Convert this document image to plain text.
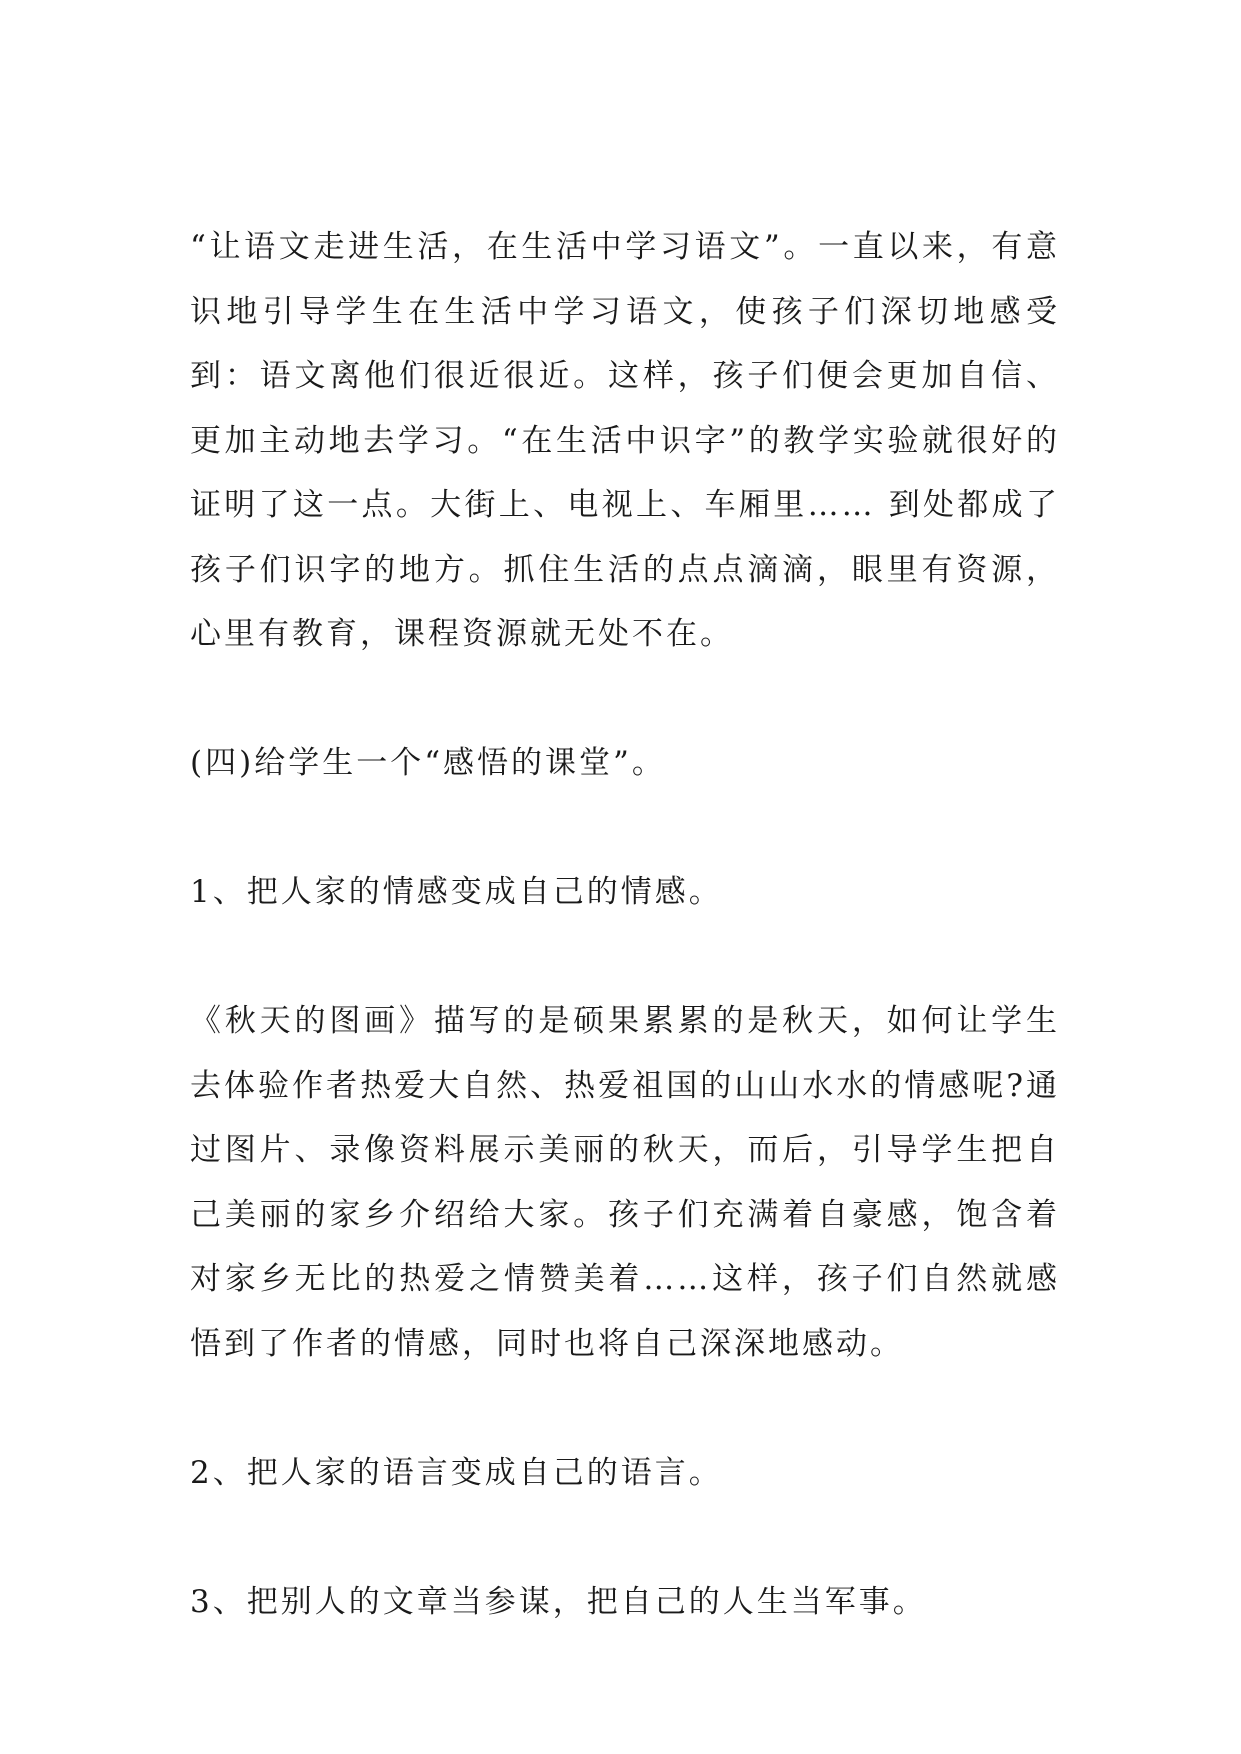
“让语文走进生活，在生活中学习语文”。一直以来，有意识地引导学生在生活中学习语文，使孩子们深切地感受到：语文离他们很近很近。这样，孩子们便会更加自信、更加主动地去学习。“在生活中识字”的教学实验就很好的证明了这一点。大街上、电视上、车厢里…… 到处都成了孩子们识字的地方。抓住生活的点点滴滴，眼里有资源，心里有教育，课程资源就无处不在。

(四)给学生一个“感悟的课堂”。

1、把人家的情感变成自己的情感。

《秋天的图画》描写的是硕果累累的是秋天，如何让学生去体验作者热爱大自然、热爱祖国的山山水水的情感呢?通过图片、录像资料展示美丽的秋天，而后，引导学生把自己美丽的家乡介绍给大家。孩子们充满着自豪感，饱含着对家乡无比的热爱之情赞美着……这样，孩子们自然就感悟到了作者的情感，同时也将自己深深地感动。

2、把人家的语言变成自己的语言。

3、把别人的文章当参谋，把自己的人生当军事。
